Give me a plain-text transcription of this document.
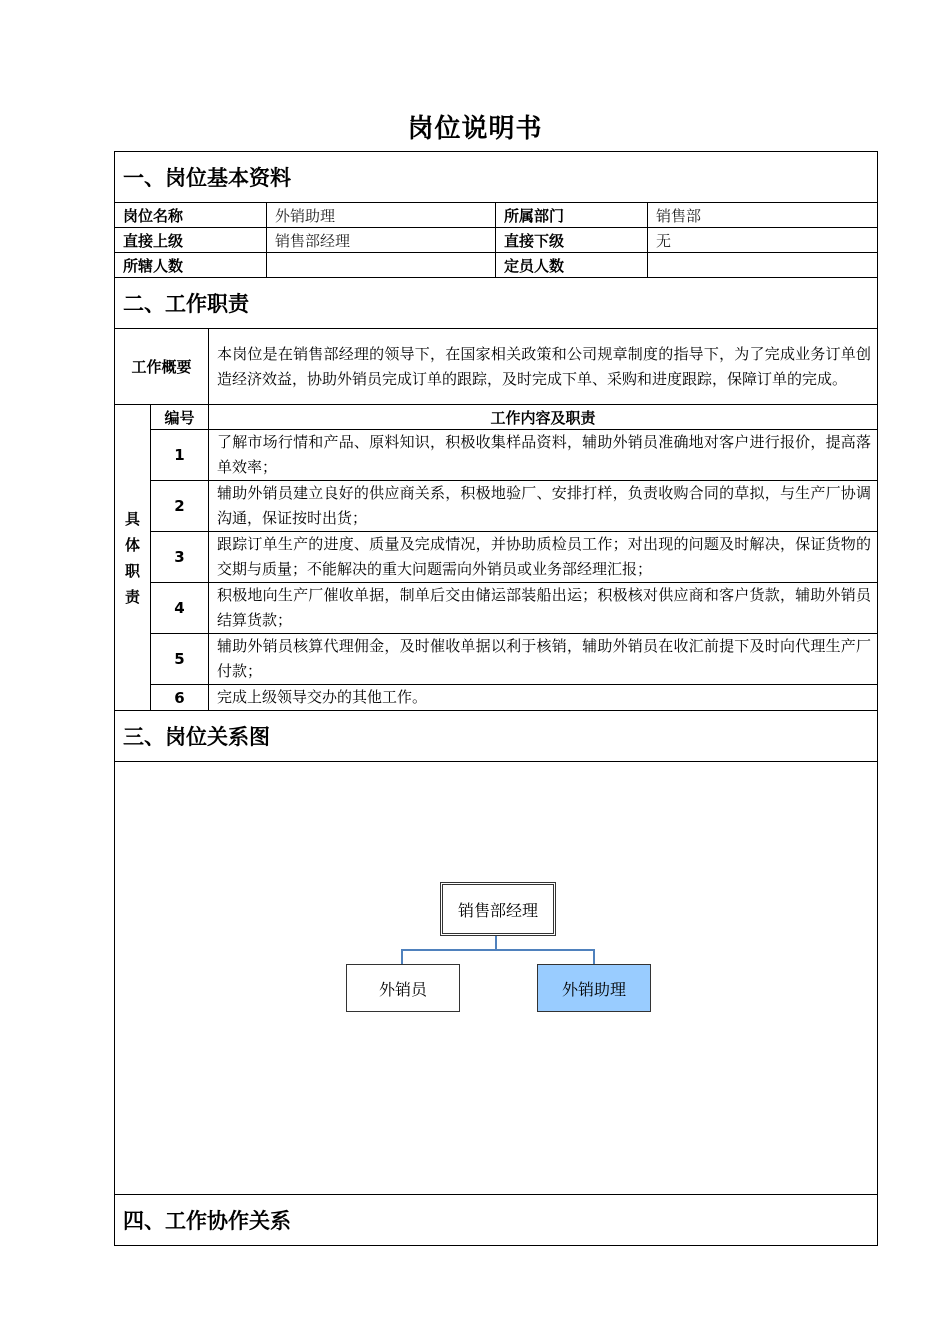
岗位说明书
一、岗位基本资料					
岗位名称			外销助理	所属部门	销售部
直接上级			销售部经理	直接下级	无
所辖人数				定员人数	
二、工作职责					
工作概要		本岗位是在销售部经理的领导下，在国家相关政策和公司规章制度的指导下，为了完成业务订单创造经济效益，协助外销员完成订单的跟踪，及时完成下单、采购和进度跟踪，保障订单的完成。			
具
体
职
责	编号	工作内容及职责			
	1	了解市场行情和产品、原料知识，积极收集样品资料，辅助外销员准确地对客户进行报价，提高落单效率；			
	2	辅助外销员建立良好的供应商关系，积极地验厂、安排打样，负责收购合同的草拟，与生产厂协调沟通，保证按时出货；			
	3	跟踪订单生产的进度、质量及完成情况，并协助质检员工作；对出现的问题及时解决，保证货物的交期与质量；不能解决的重大问题需向外销员或业务部经理汇报；			
	4	积极地向生产厂催收单据，制单后交由储运部装船出运；积极核对供应商和客户货款，辅助外销员结算货款；			
	5	辅助外销员核算代理佣金，及时催收单据以利于核销，辅助外销员在收汇前提下及时向代理生产厂付款；			
	6	完成上级领导交办的其他工作。			
三、岗位关系图					

销售部经理
外销员 外销助理					

四、工作协作关系					
